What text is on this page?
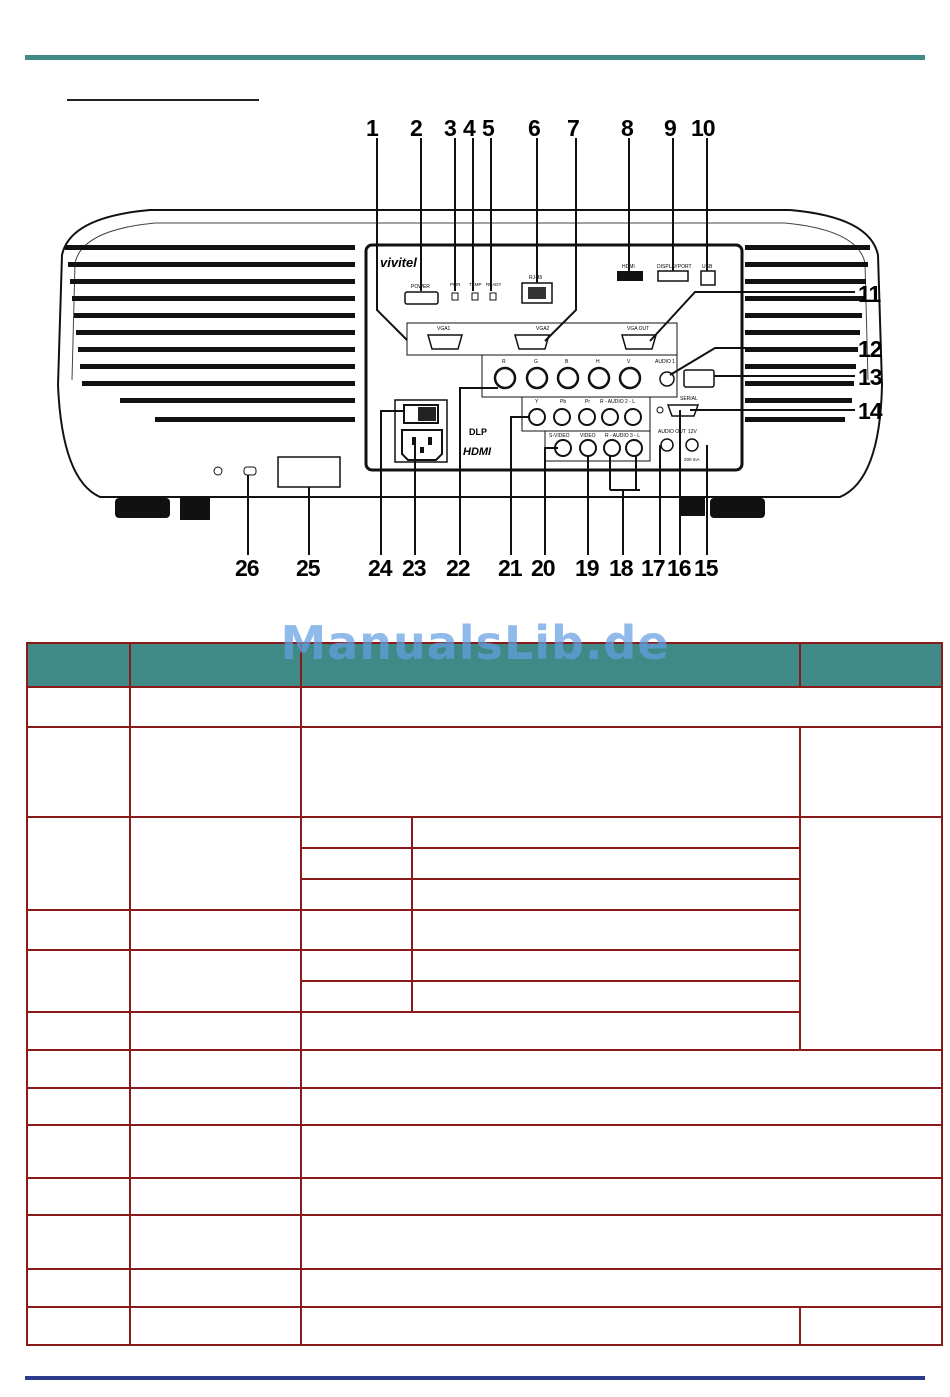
vivitel
POWER	PWR TEMP READY
RJ-45
HDMI	DISPLAYPORT USB
VGA1	VGA2	VGA OUT
R	G	B	H	V	AUDIO 1
DLP
HDMI
Y	Pb	Pr R - AUDIO 2 - L	SERIAL
S-VIDEO VIDEO R - AUDIO 3 - L
AUDIO OUT 12V
200 mA
1 2 3 4 5 6 7 8 9 10
11
12
13
14
15
16
17
18
19
20
21
22
23
24
25
26
ManualsLib.de
